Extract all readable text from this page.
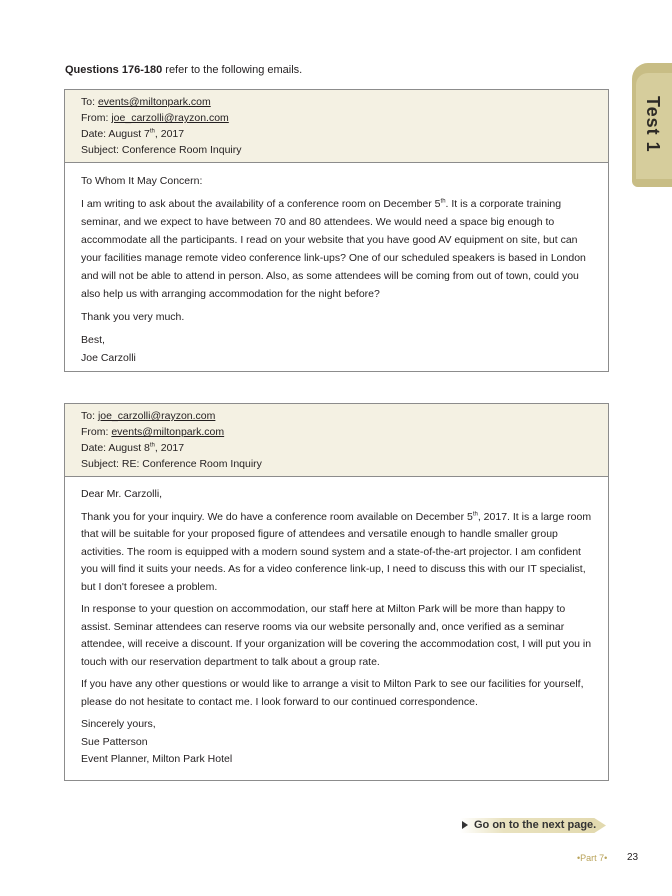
Questions 176-180 refer to the following emails.
Test 1
To: events@miltonpark.com
From: joe_carzolli@rayzon.com
Date: August 7th, 2017
Subject: Conference Room Inquiry

To Whom It May Concern:

I am writing to ask about the availability of a conference room on December 5th. It is a corporate training seminar, and we expect to have between 70 and 80 attendees. We would need a space big enough to accommodate all the participants. I read on your website that you have good AV equipment on site, but can your facilities manage remote video conference link-ups? One of our scheduled speakers is based in London and will not be able to attend in person. Also, as some attendees will be coming from out of town, could you also help us with arranging accommodation for the night before?

Thank you very much.

Best,
Joe Carzolli
To: joe_carzolli@rayzon.com
From: events@miltonpark.com
Date: August 8th, 2017
Subject: RE: Conference Room Inquiry

Dear Mr. Carzolli,

Thank you for your inquiry. We do have a conference room available on December 5th, 2017. It is a large room that will be suitable for your proposed figure of attendees and versatile enough to handle smaller group activities. The room is equipped with a modern sound system and a state-of-the-art projector. I am confident you will find it suits your needs. As for a video conference link-up, I need to discuss this with our IT specialist, but I don't foresee a problem.

In response to your question on accommodation, our staff here at Milton Park will be more than happy to assist. Seminar attendees can reserve rooms via our website personally and, once verified as a seminar attendee, will receive a discount. If your organization will be covering the accommodation cost, I will put you in touch with our reservation department to talk about a group rate.

If you have any other questions or would like to arrange a visit to Milton Park to see our facilities for yourself, please do not hesitate to contact me. I look forward to our continued correspondence.

Sincerely yours,
Sue Patterson
Event Planner, Milton Park Hotel
Go on to the next page.
•Part 7• 23
